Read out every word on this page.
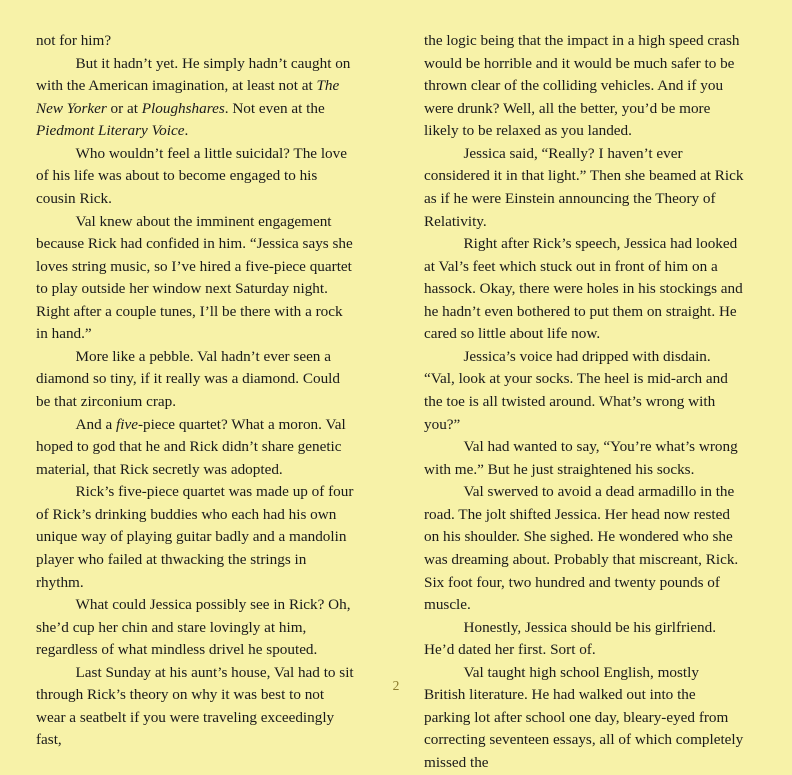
not for him?

But it hadn’t yet. He simply hadn’t caught on with the American imagination, at least not at The New Yorker or at Ploughshares. Not even at the Piedmont Literary Voice.

Who wouldn’t feel a little suicidal? The love of his life was about to become engaged to his cousin Rick.

Val knew about the imminent engagement because Rick had confided in him. “Jessica says she loves string music, so I’ve hired a five-piece quartet to play outside her window next Saturday night. Right after a couple tunes, I’ll be there with a rock in hand.”

More like a pebble. Val hadn’t ever seen a diamond so tiny, if it really was a diamond. Could be that zirconium crap.

And a five-piece quartet? What a moron. Val hoped to god that he and Rick didn’t share genetic material, that Rick secretly was adopted.

Rick’s five-piece quartet was made up of four of Rick’s drinking buddies who each had his own unique way of playing guitar badly and a mandolin player who failed at thwacking the strings in rhythm.

What could Jessica possibly see in Rick? Oh, she’d cup her chin and stare lovingly at him, regardless of what mindless drivel he spouted.

Last Sunday at his aunt’s house, Val had to sit through Rick’s theory on why it was best to not wear a seatbelt if you were traveling exceedingly fast,

the logic being that the impact in a high speed crash would be horrible and it would be much safer to be thrown clear of the colliding vehicles. And if you were drunk? Well, all the better, you’d be more likely to be relaxed as you landed.

Jessica said, “Really? I haven’t ever considered it in that light.” Then she beamed at Rick as if he were Einstein announcing the Theory of Relativity.

Right after Rick’s speech, Jessica had looked at Val’s feet which stuck out in front of him on a hassock. Okay, there were holes in his stockings and he hadn’t even bothered to put them on straight. He cared so little about life now.

Jessica’s voice had dripped with disdain. “Val, look at your socks. The heel is mid-arch and the toe is all twisted around. What’s wrong with you?”

Val had wanted to say, “You’re what’s wrong with me.” But he just straightened his socks.

Val swerved to avoid a dead armadillo in the road. The jolt shifted Jessica. Her head now rested on his shoulder. She sighed. He wondered who she was dreaming about. Probably that miscreant, Rick. Six foot four, two hundred and twenty pounds of muscle.

Honestly, Jessica should be his girlfriend. He’d dated her first. Sort of.

Val taught high school English, mostly British literature. He had walked out into the parking lot after school one day, bleary-eyed from correcting seventeen essays, all of which completely missed the

2
